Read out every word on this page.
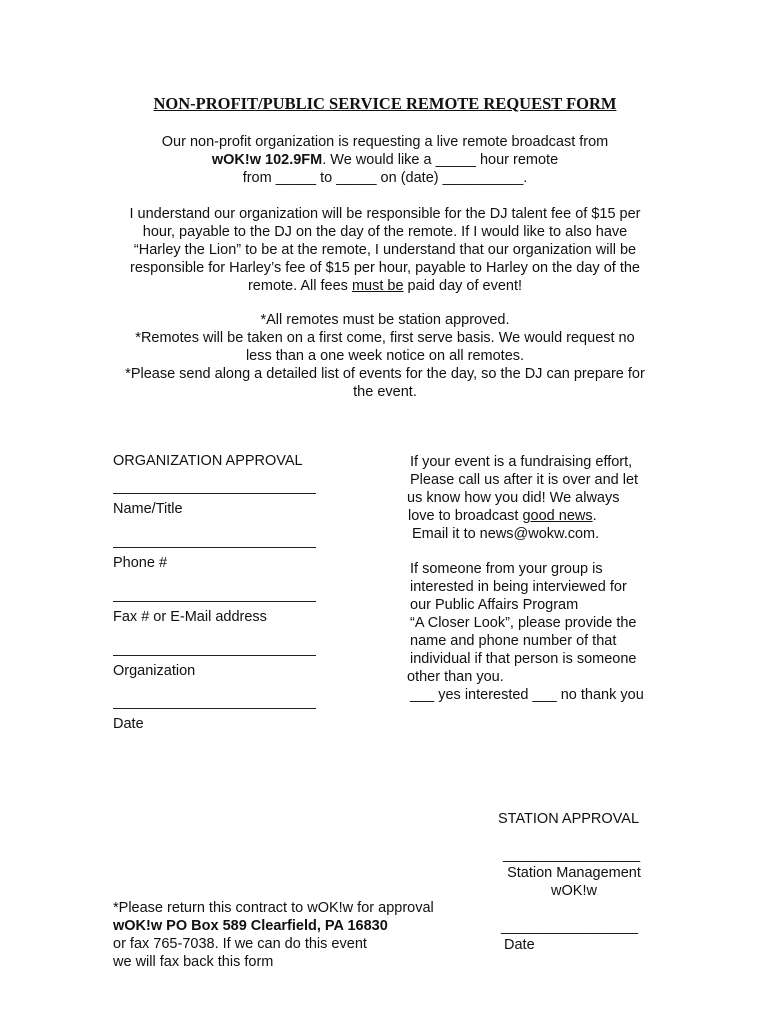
NON-PROFIT/PUBLIC SERVICE REMOTE REQUEST FORM
Our non-profit organization is requesting a live remote broadcast from
wOK!w 102.9FM. We would like a _____ hour remote
from _____ to _____ on (date) __________.
I understand our organization will be responsible for the DJ talent fee of $15 per
hour, payable to the DJ on the day of the remote. If I would like to also have
“Harley the Lion” to be at the remote, I understand that our organization will be
responsible for Harley’s fee of $15 per hour, payable to Harley on the day of the
remote. All fees must be paid day of event!
*All remotes must be station approved.
*Remotes will be taken on a first come, first serve basis. We would request no
less than a one week notice on all remotes.
*Please send along a detailed list of events for the day, so the DJ can prepare for
the event.
ORGANIZATION APPROVAL
Name/Title
Phone #
Fax # or E-Mail address
Organization
Date
If your event is a fundraising effort,
Please call us after it is over and let
us know how you did! We always
love to broadcast good news.
Email it to news@wokw.com.
If someone from your group is
interested in being interviewed for
our Public Affairs Program
“A Closer Look”, please provide the
name and phone number of that
individual if that person is someone
other than you.
___ yes interested ___ no thank you
STATION APPROVAL
_________________
Station Management
wOK!w
_________________
Date
*Please return this contract to wOK!w for approval
wOK!w PO Box 589 Clearfield, PA 16830
or fax 765-7038. If we can do this event
we will fax back this form
